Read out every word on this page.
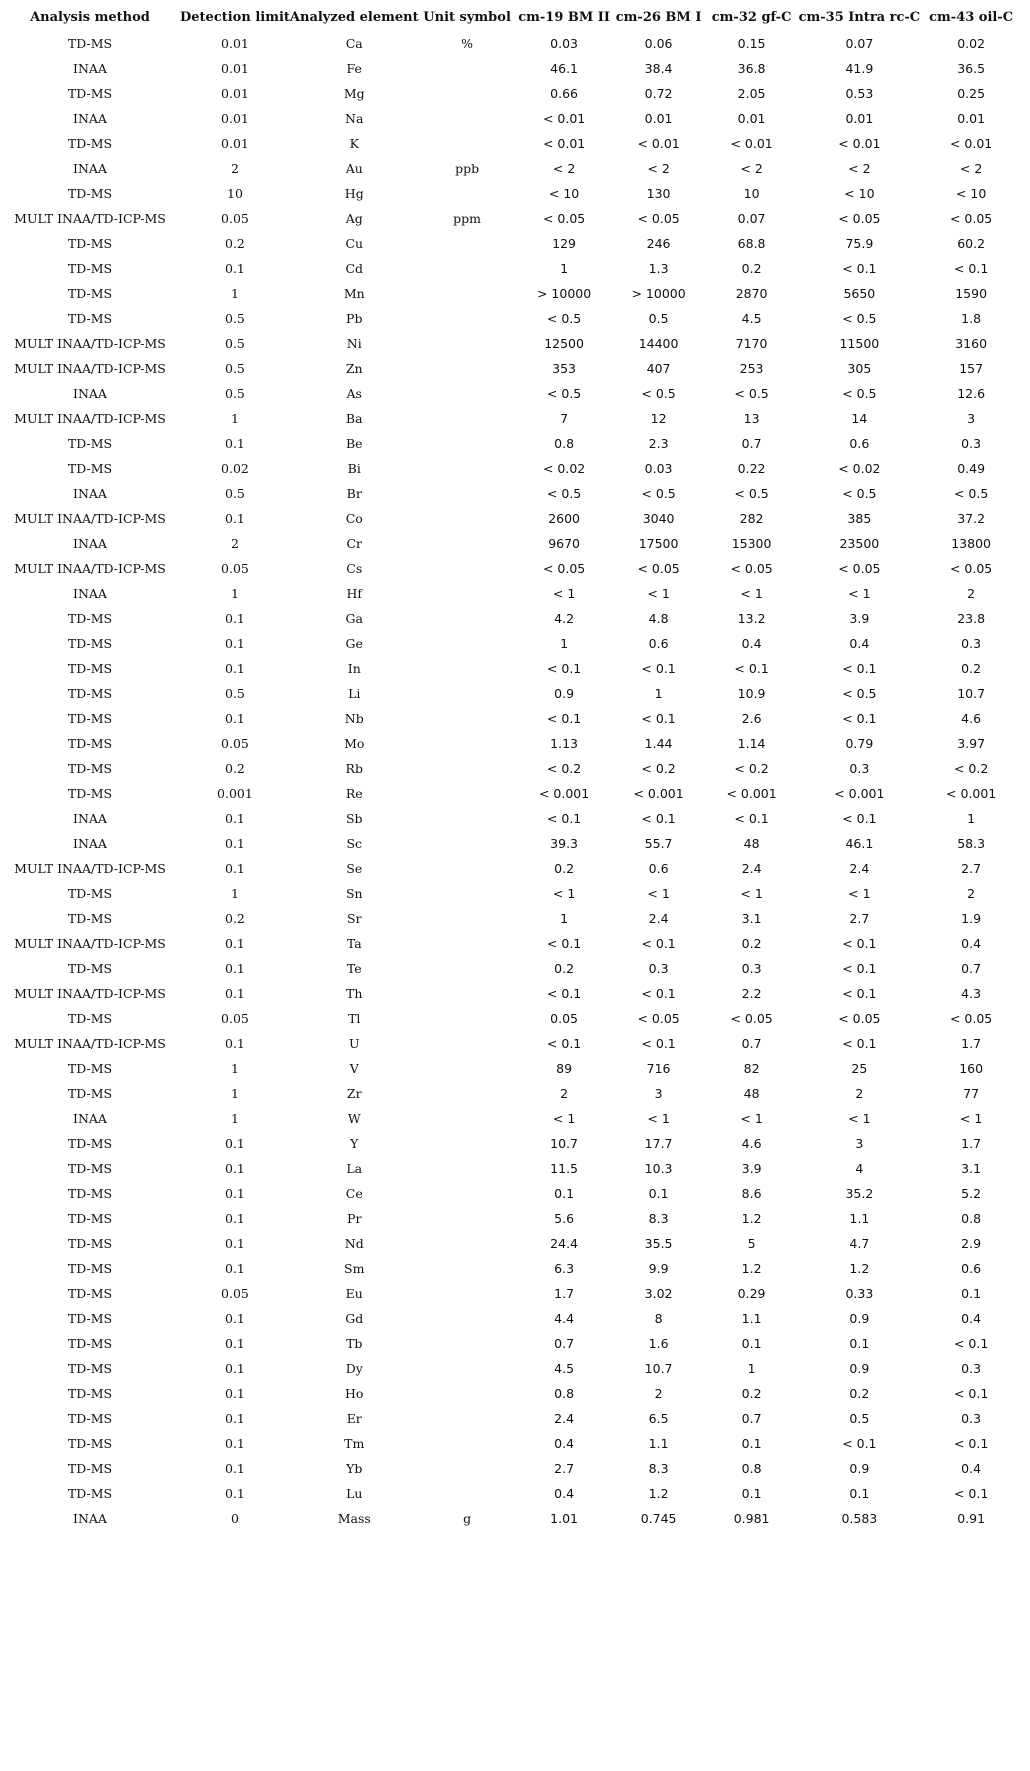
Analysis method	Detection limit	Analyzed element	Unit symbol	cm-19 BM II	cm-26 BM I	cm-32 gf-C	cm-35 Intra rc-C	cm-43 oil-C
TD-MS	0.01	Ca	%	0.03	0.06	0.15	0.07	0.02
INAA	0.01	Fe		46.1	38.4	36.8	41.9	36.5
TD-MS	0.01	Mg		0.66	0.72	2.05	0.53	0.25
INAA	0.01	Na		< 0.01	0.01	0.01	0.01	0.01
TD-MS	0.01	K		< 0.01	< 0.01	< 0.01	< 0.01	< 0.01
INAA	2	Au	ppb	< 2	< 2	< 2	< 2	< 2
TD-MS	10	Hg		< 10	130	10	< 10	< 10
MULT INAA/TD-ICP-MS	0.05	Ag	ppm	< 0.05	< 0.05	0.07	< 0.05	< 0.05
TD-MS	0.2	Cu		129	246	68.8	75.9	60.2
TD-MS	0.1	Cd		1	1.3	0.2	< 0.1	< 0.1
TD-MS	1	Mn		> 10000	> 10000	2870	5650	1590
TD-MS	0.5	Pb		< 0.5	0.5	4.5	< 0.5	1.8
MULT INAA/TD-ICP-MS	0.5	Ni		12500	14400	7170	11500	3160
MULT INAA/TD-ICP-MS	0.5	Zn		353	407	253	305	157
INAA	0.5	As		< 0.5	< 0.5	< 0.5	< 0.5	12.6
MULT INAA/TD-ICP-MS	1	Ba		7	12	13	14	3
TD-MS	0.1	Be		0.8	2.3	0.7	0.6	0.3
TD-MS	0.02	Bi		< 0.02	0.03	0.22	< 0.02	0.49
INAA	0.5	Br		< 0.5	< 0.5	< 0.5	< 0.5	< 0.5
MULT INAA/TD-ICP-MS	0.1	Co		2600	3040	282	385	37.2
INAA	2	Cr		9670	17500	15300	23500	13800
MULT INAA/TD-ICP-MS	0.05	Cs		< 0.05	< 0.05	< 0.05	< 0.05	< 0.05
INAA	1	Hf		< 1	< 1	< 1	< 1	2
TD-MS	0.1	Ga		4.2	4.8	13.2	3.9	23.8
TD-MS	0.1	Ge		1	0.6	0.4	0.4	0.3
TD-MS	0.1	In		< 0.1	< 0.1	< 0.1	< 0.1	0.2
TD-MS	0.5	Li		0.9	1	10.9	< 0.5	10.7
TD-MS	0.1	Nb		< 0.1	< 0.1	2.6	< 0.1	4.6
TD-MS	0.05	Mo		1.13	1.44	1.14	0.79	3.97
TD-MS	0.2	Rb		< 0.2	< 0.2	< 0.2	0.3	< 0.2
TD-MS	0.001	Re		< 0.001	< 0.001	< 0.001	< 0.001	< 0.001
INAA	0.1	Sb		< 0.1	< 0.1	< 0.1	< 0.1	1
INAA	0.1	Sc		39.3	55.7	48	46.1	58.3
MULT INAA/TD-ICP-MS	0.1	Se		0.2	0.6	2.4	2.4	2.7
TD-MS	1	Sn		< 1	< 1	< 1	< 1	2
TD-MS	0.2	Sr		1	2.4	3.1	2.7	1.9
MULT INAA/TD-ICP-MS	0.1	Ta		< 0.1	< 0.1	0.2	< 0.1	0.4
TD-MS	0.1	Te		0.2	0.3	0.3	< 0.1	0.7
MULT INAA/TD-ICP-MS	0.1	Th		< 0.1	< 0.1	2.2	< 0.1	4.3
TD-MS	0.05	Tl		0.05	< 0.05	< 0.05	< 0.05	< 0.05
MULT INAA/TD-ICP-MS	0.1	U		< 0.1	< 0.1	0.7	< 0.1	1.7
TD-MS	1	V		89	716	82	25	160
TD-MS	1	Zr		2	3	48	2	77
INAA	1	W		< 1	< 1	< 1	< 1	< 1
TD-MS	0.1	Y		10.7	17.7	4.6	3	1.7
TD-MS	0.1	La		11.5	10.3	3.9	4	3.1
TD-MS	0.1	Ce		0.1	0.1	8.6	35.2	5.2
TD-MS	0.1	Pr		5.6	8.3	1.2	1.1	0.8
TD-MS	0.1	Nd		24.4	35.5	5	4.7	2.9
TD-MS	0.1	Sm		6.3	9.9	1.2	1.2	0.6
TD-MS	0.05	Eu		1.7	3.02	0.29	0.33	0.1
TD-MS	0.1	Gd		4.4	8	1.1	0.9	0.4
TD-MS	0.1	Tb		0.7	1.6	0.1	0.1	< 0.1
TD-MS	0.1	Dy		4.5	10.7	1	0.9	0.3
TD-MS	0.1	Ho		0.8	2	0.2	0.2	< 0.1
TD-MS	0.1	Er		2.4	6.5	0.7	0.5	0.3
TD-MS	0.1	Tm		0.4	1.1	0.1	< 0.1	< 0.1
TD-MS	0.1	Yb		2.7	8.3	0.8	0.9	0.4
TD-MS	0.1	Lu		0.4	1.2	0.1	0.1	< 0.1
INAA	0	Mass	g	1.01	0.745	0.981	0.583	0.91
